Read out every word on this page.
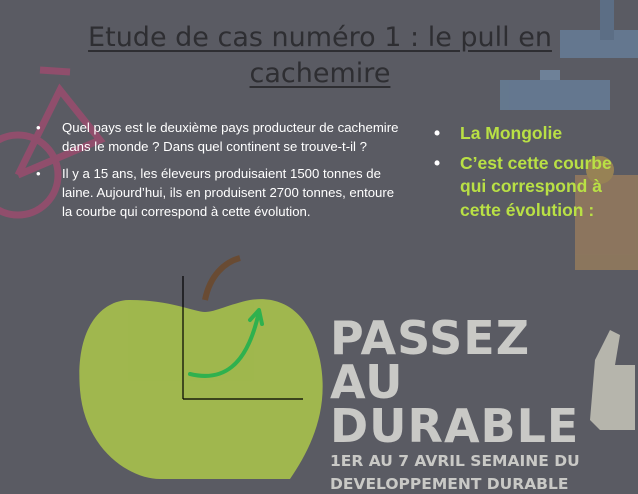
Etude de cas numéro 1 : le pull en cachemire
• Quel pays est le deuxième pays producteur de cachemire dans le monde ? Dans quel continent se trouve-t-il ?
• Il y a 15 ans, les éleveurs produisaient 1500 tonnes de laine. Aujourd’hui, ils en produisent 2700 tonnes, entoure la courbe qui correspond à cette évolution.
• La Mongolie
• C’est cette courbe qui correspond à cette évolution :
PASSEZ
AU DURABLE
1ER AU 7 AVRIL SEMAINE DU
DEVELOPPEMENT DURABLE
